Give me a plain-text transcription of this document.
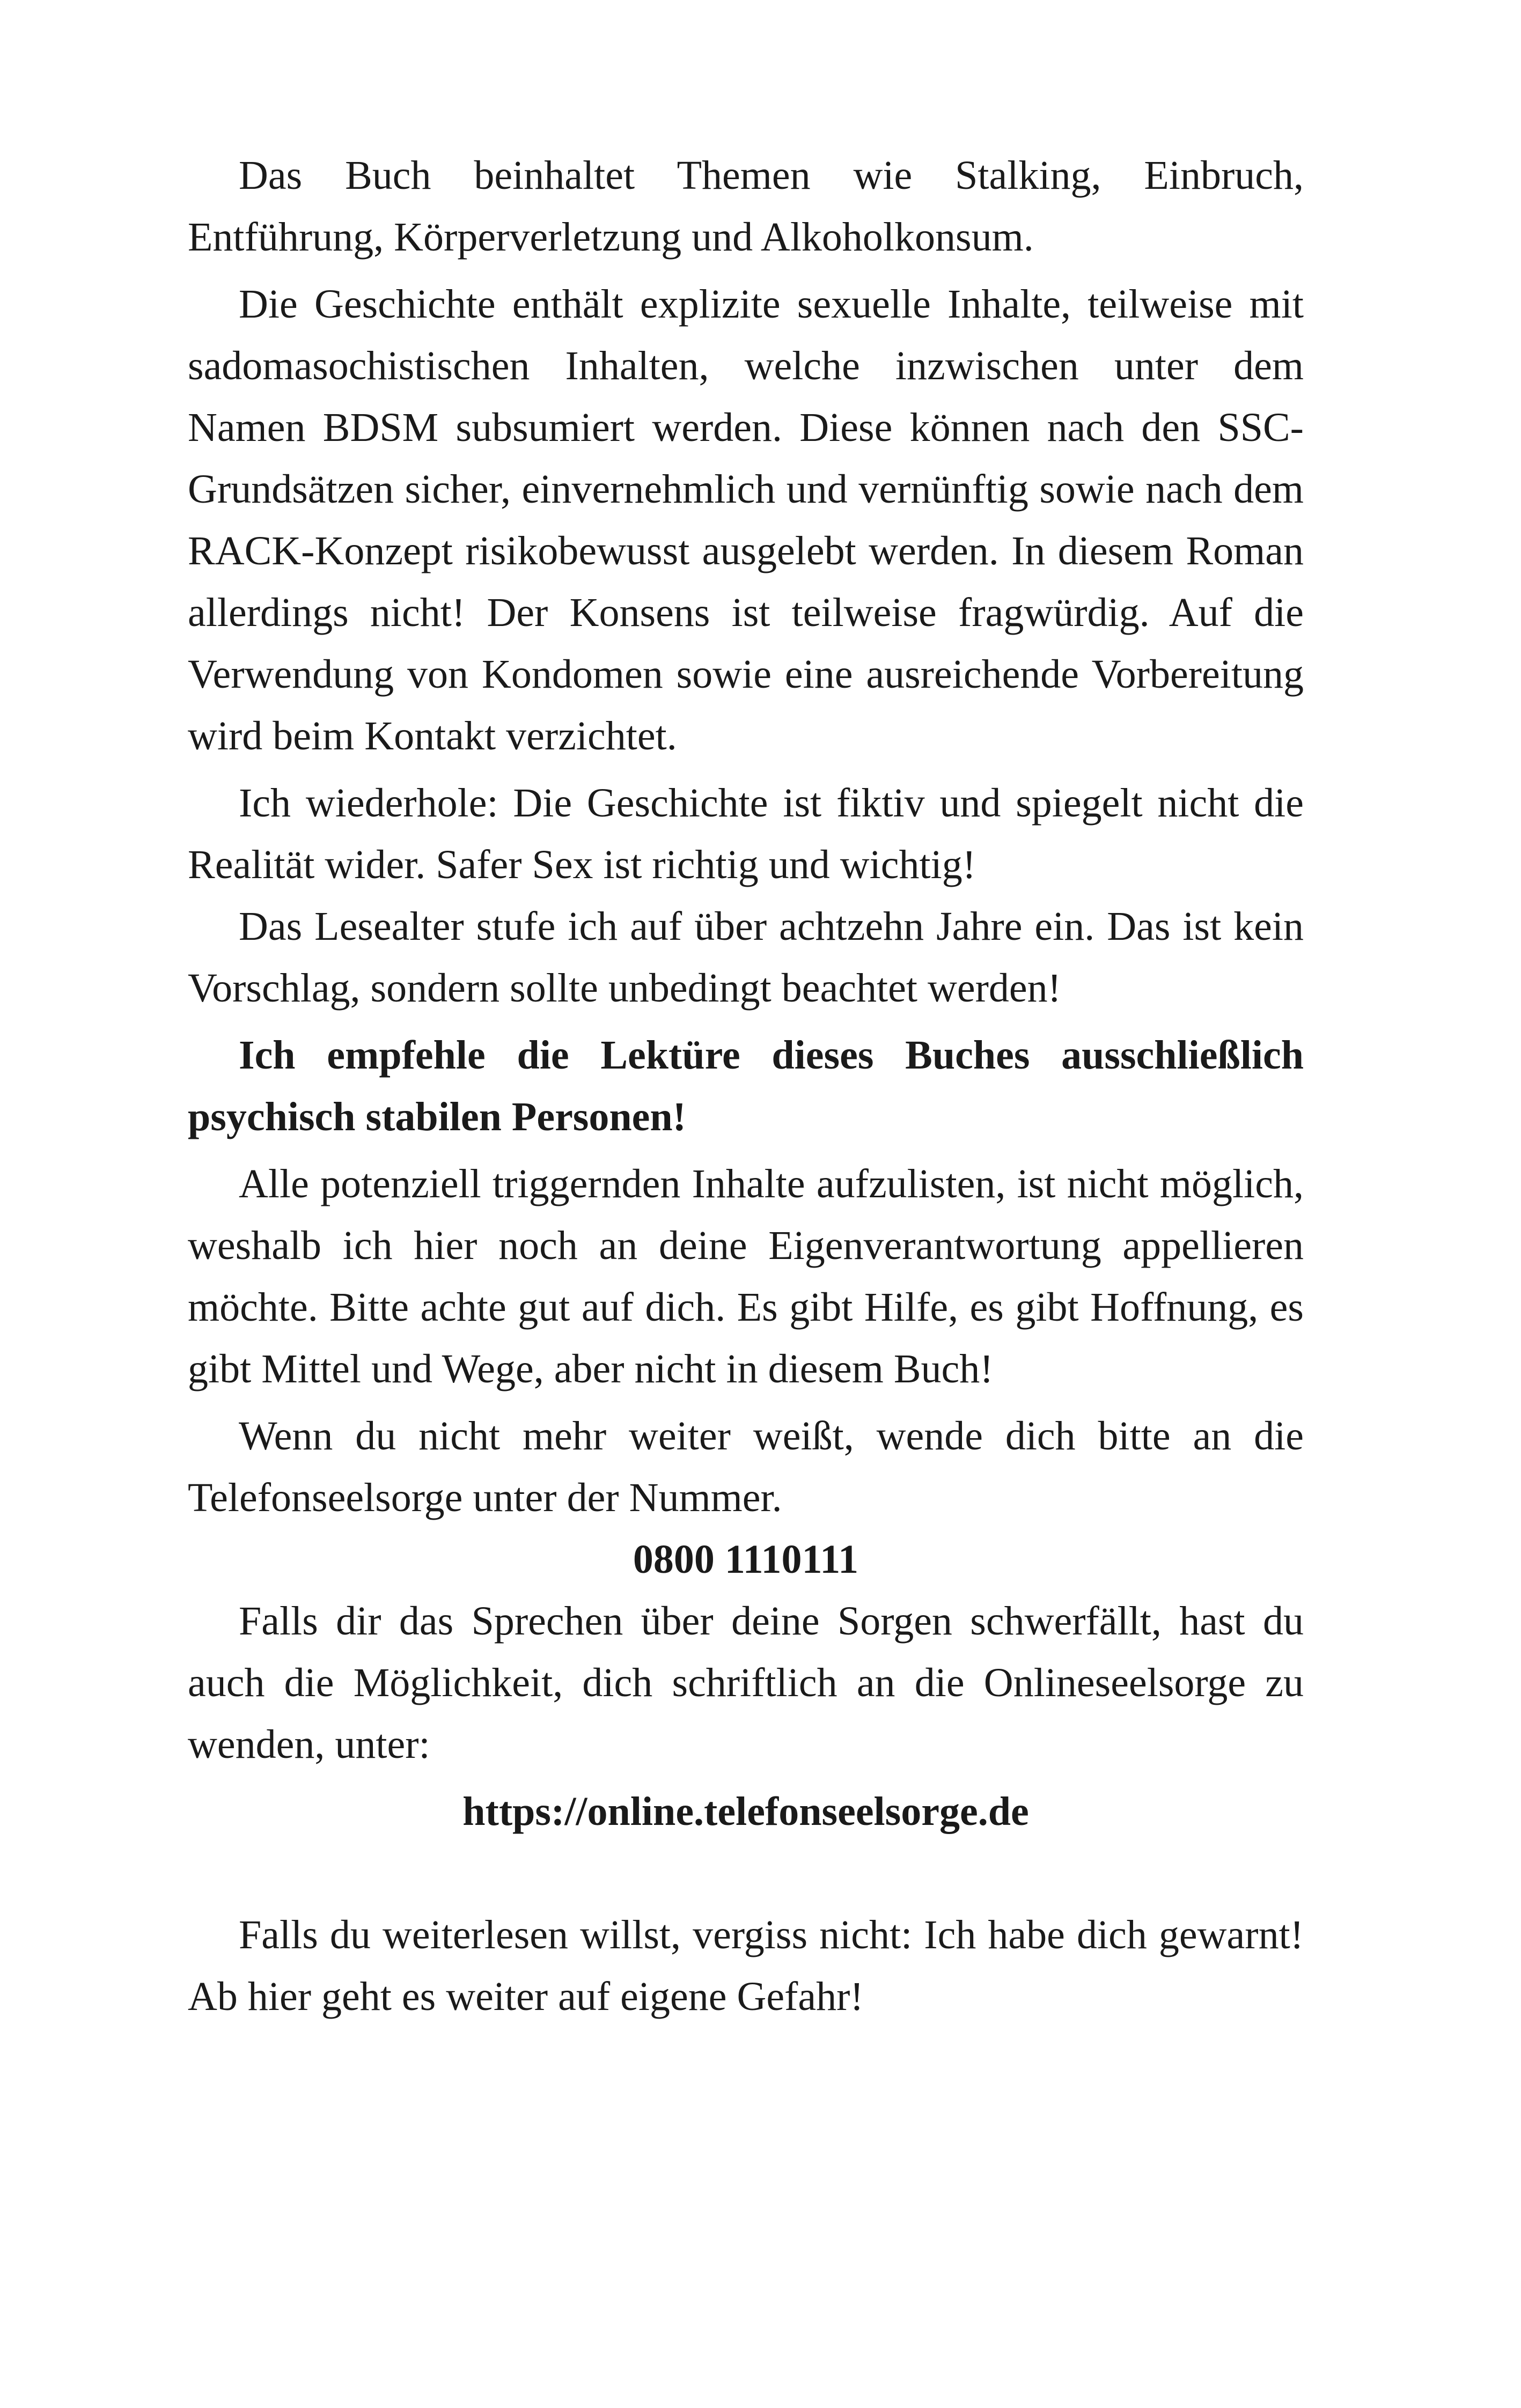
Das Buch beinhaltet Themen wie Stalking, Einbruch, Entführung, Körperverletzung und Alkoholkonsum.

Die Geschichte enthält explizite sexuelle Inhalte, teilweise mit sadomasochistischen Inhalten, welche inzwischen unter dem Namen BDSM subsumiert werden. Diese können nach den SSC-Grundsätzen sicher, einvernehmlich und vernünftig sowie nach dem RACK-Konzept risikobewusst ausgelebt werden. In diesem Roman allerdings nicht! Der Konsens ist teilweise fragwürdig. Auf die Verwendung von Kondomen sowie eine ausreichende Vorbereitung wird beim Kontakt verzichtet.

Ich wiederhole: Die Geschichte ist fiktiv und spiegelt nicht die Realität wider. Safer Sex ist richtig und wichtig!

Das Lesealter stufe ich auf über achtzehn Jahre ein. Das ist kein Vorschlag, sondern sollte unbedingt beachtet werden!

Ich empfehle die Lektüre dieses Buches ausschließlich psychisch stabilen Personen!

Alle potenziell triggernden Inhalte aufzulisten, ist nicht möglich, weshalb ich hier noch an deine Eigenverantwortung appellieren möchte. Bitte achte gut auf dich. Es gibt Hilfe, es gibt Hoffnung, es gibt Mittel und Wege, aber nicht in diesem Buch!

Wenn du nicht mehr weiter weißt, wende dich bitte an die Telefonseelsorge unter der Nummer.

0800 1110111

Falls dir das Sprechen über deine Sorgen schwerfällt, hast du auch die Möglichkeit, dich schriftlich an die Onlineseelsorge zu wenden, unter:

https://online.telefonseelsorge.de

Falls du weiterlesen willst, vergiss nicht: Ich habe dich gewarnt! Ab hier geht es weiter auf eigene Gefahr!
